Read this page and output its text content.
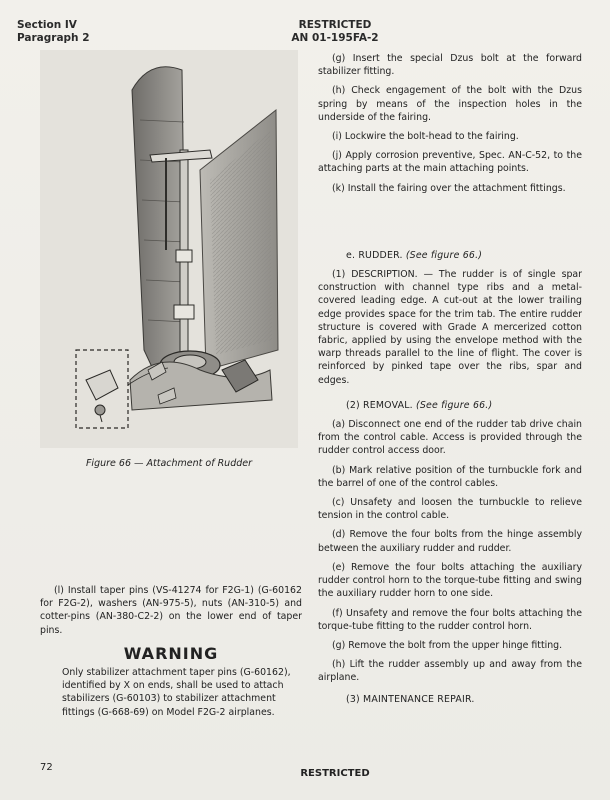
Section IV
Paragraph 2
RESTRICTED
AN 01-195FA-2
Figure 66 — Attachment of Rudder

(g) Insert the special Dzus bolt at the forward stabilizer fitting.

(h) Check engagement of the bolt with the Dzus spring by means of the inspection holes in the underside of the fairing.

(i) Lockwire the bolt-head to the fairing.

(j) Apply corrosion preventive, Spec. AN-C-52, to the attaching parts at the main attaching points.

(k) Install the fairing over the attachment fittings.

e. RUDDER. (See figure 66.)

(1) DESCRIPTION. — The rudder is of single spar construction with channel type ribs and a metal-covered leading edge. A cut-out at the lower trailing edge provides space for the trim tab. The entire rudder structure is covered with Grade A mercerized cotton fabric, applied by using the envelope method with the warp threads parallel to the line of flight. The cover is reinforced by pinked tape over the ribs, spar and edges.

(2) REMOVAL. (See figure 66.)

(a) Disconnect one end of the rudder tab drive chain from the control cable. Access is provided through the rudder control access door.

(b) Mark relative position of the turnbuckle fork and the barrel of one of the control cables.

(c) Unsafety and loosen the turnbuckle to relieve tension in the control cable.

(d) Remove the four bolts from the hinge assembly between the auxiliary rudder and rudder.

(e) Remove the four bolts attaching the auxiliary rudder control horn to the torque-tube fitting and swing the auxiliary rudder horn to one side.

(f) Unsafety and remove the four bolts attaching the torque-tube fitting to the rudder control horn.

(g) Remove the bolt from the upper hinge fitting.

(h) Lift the rudder assembly up and away from the airplane.

(3) MAINTENANCE REPAIR.

(l) Install taper pins (VS-41274 for F2G-1) (G-60162 for F2G-2), washers (AN-975-5), nuts (AN-310-5) and cotter-pins (AN-380-C2-2) on the lower end of taper pins.

WARNING

Only stabilizer attachment taper pins (G-60162), identified by X on ends, shall be used to attach stabilizers (G-60103) to stabilizer attachment fittings (G-668-69) on Model F2G-2 airplanes.

72
RESTRICTED
